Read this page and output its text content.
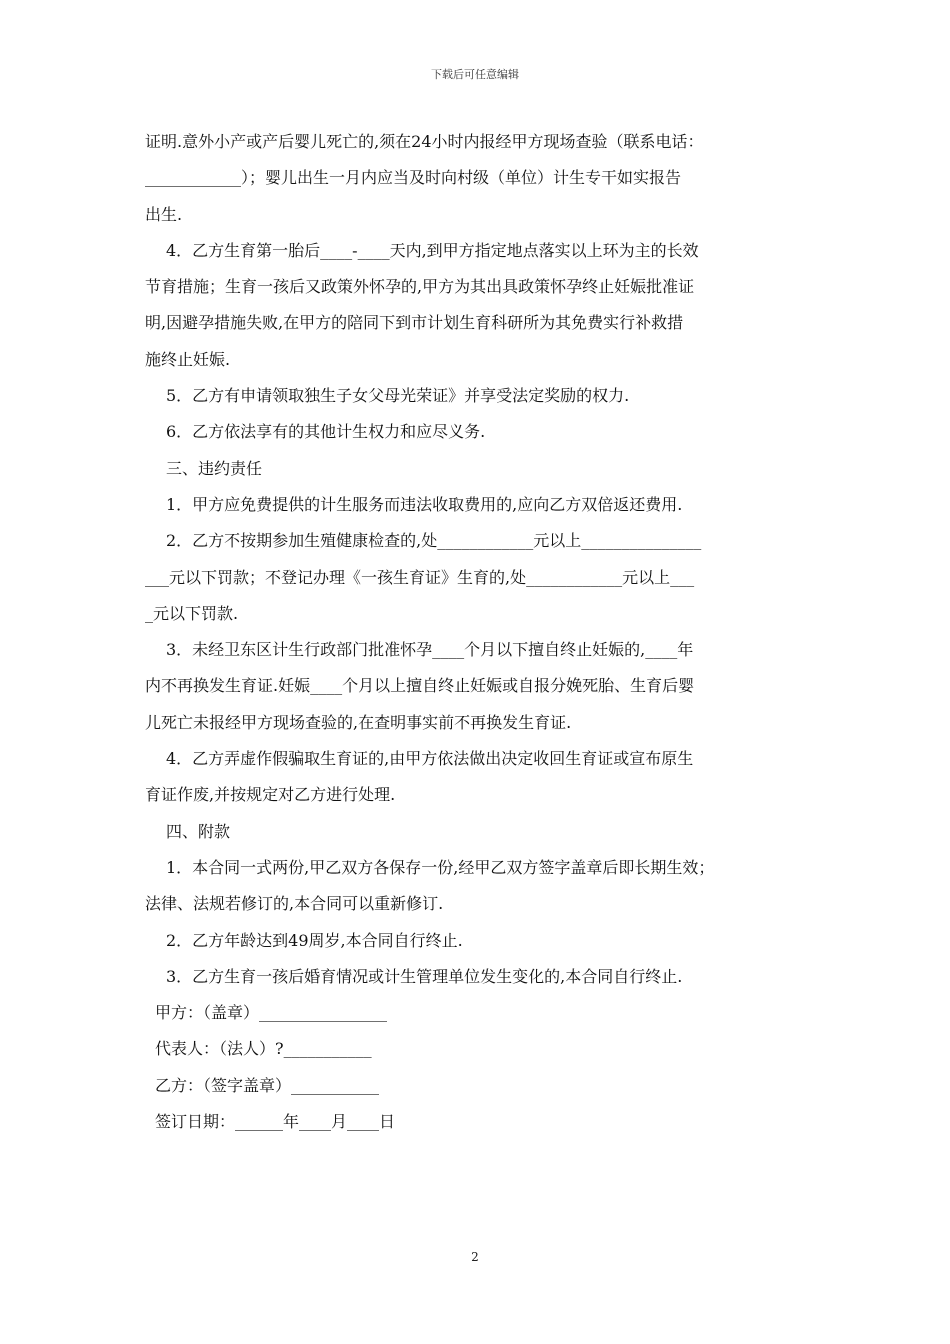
下载后可任意编辑
证明.意外小产或产后婴儿死亡的,须在24小时内报经甲方现场查验（联系电话：
____________）；婴儿出生一月内应当及时向村级（单位）计生专干如实报告
出生.
4．乙方生育第一胎后____-____天内,到甲方指定地点落实以上环为主的长效
节育措施；生育一孩后又政策外怀孕的,甲方为其出具政策怀孕终止妊娠批准证
明,因避孕措施失败,在甲方的陪同下到市计划生育科研所为其免费实行补救措
施终止妊娠.
5．乙方有申请领取独生子女父母光荣证》并享受法定奖励的权力.
6．乙方依法享有的其他计生权力和应尽义务.
三、违约责任
1．甲方应免费提供的计生服务而违法收取费用的,应向乙方双倍返还费用.
2．乙方不按期参加生殖健康检查的,处____________元以上_______________
___元以下罚款；不登记办理《一孩生育证》生育的,处____________元以上___
_元以下罚款.
3．未经卫东区计生行政部门批准怀孕____个月以下擅自终止妊娠的,____年
内不再换发生育证.妊娠____个月以上擅自终止妊娠或自报分娩死胎、生育后婴
儿死亡未报经甲方现场查验的,在查明事实前不再换发生育证.
4．乙方弄虚作假骗取生育证的,由甲方依法做出决定收回生育证或宣布原生
育证作废,并按规定对乙方进行处理.
四、附款
1．本合同一式两份,甲乙双方各保存一份,经甲乙双方签字盖章后即长期生效；
法律、法规若修订的,本合同可以重新修订.
2．乙方年龄达到49周岁,本合同自行终止.
3．乙方生育一孩后婚育情况或计生管理单位发生变化的,本合同自行终止.
甲方：（盖章）________________
代表人：（法人）?___________
乙方：（签字盖章）___________
签订日期：______年____月____日
2
